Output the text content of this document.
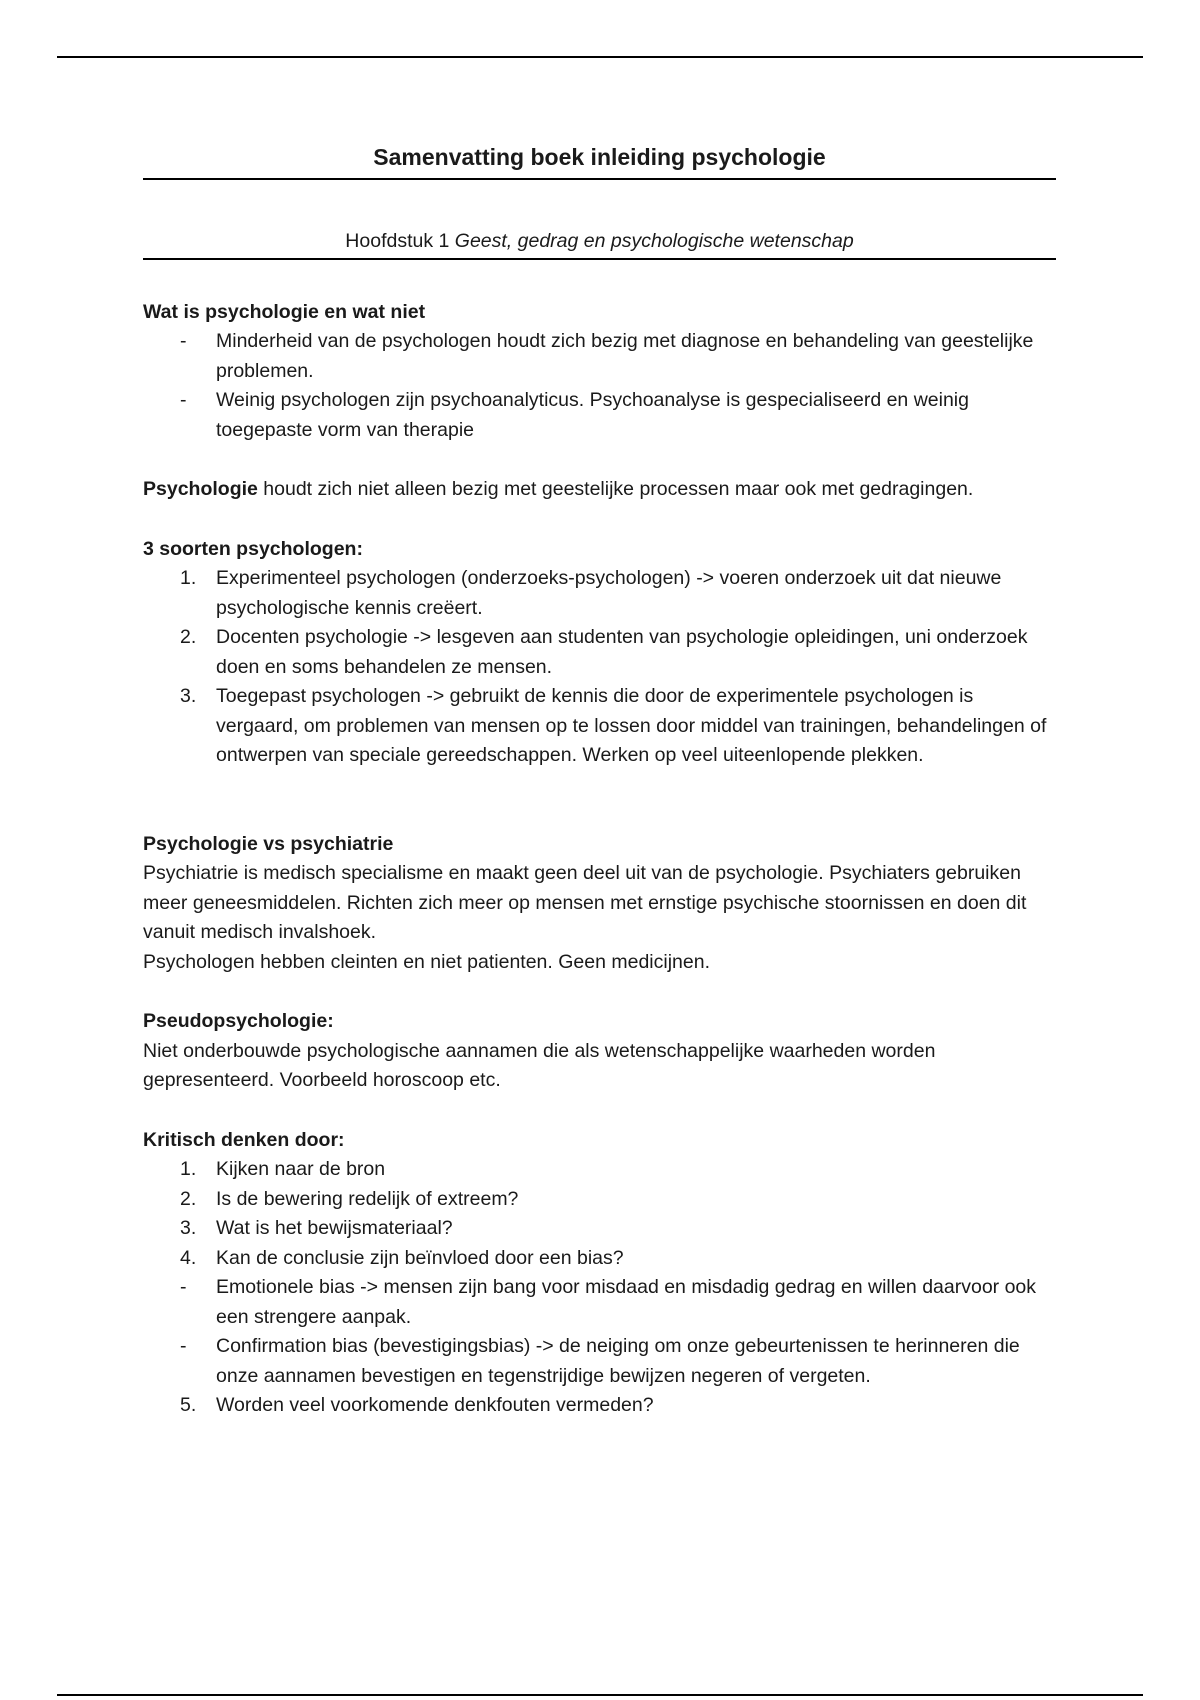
Samenvatting boek inleiding psychologie
Hoofdstuk 1 Geest, gedrag en psychologische wetenschap
Wat is psychologie en wat niet
-	Minderheid van de psychologen houdt zich bezig met diagnose en behandeling van geestelijke problemen.
-	Weinig psychologen zijn psychoanalyticus. Psychoanalyse is gespecialiseerd en weinig toegepaste vorm van therapie

Psychologie houdt zich niet alleen bezig met geestelijke processen maar ook met gedragingen.

3 soorten psychologen:
1.	Experimenteel psychologen (onderzoeks-psychologen) -> voeren onderzoek uit dat nieuwe psychologische kennis creëert.
2.	Docenten psychologie -> lesgeven aan studenten van psychologie opleidingen, uni onderzoek doen en soms behandelen ze mensen.
3.	Toegepast psychologen -> gebruikt de kennis die door de experimentele psychologen is vergaard, om problemen van mensen op te lossen door middel van trainingen, behandelingen of ontwerpen van speciale gereedschappen. Werken op veel uiteenlopende plekken.
Psychologie vs psychiatrie

Psychiatrie is medisch specialisme en maakt geen deel uit van de psychologie. Psychiaters gebruiken meer geneesmiddelen. Richten zich meer op mensen met ernstige psychische stoornissen en doen dit vanuit medisch invalshoek.

Psychologen hebben cleinten en niet patienten. Geen medicijnen.

Pseudopsychologie:

Niet onderbouwde psychologische aannamen die als wetenschappelijke waarheden worden gepresenteerd. Voorbeeld horoscoop etc.

Kritisch denken door:
1.	Kijken naar de bron
2.	Is de bewering redelijk of extreem?
3.	Wat is het bewijsmateriaal?
4.	Kan de conclusie zijn beïnvloed door een bias?
-	Emotionele bias -> mensen zijn bang voor misdaad en misdadig gedrag en willen daarvoor ook een strengere aanpak.
-	Confirmation bias (bevestigingsbias) -> de neiging om onze gebeurtenissen te herinneren die onze aannamen bevestigen en tegenstrijdige bewijzen negeren of vergeten.
5.	Worden veel voorkomende denkfouten vermeden?
